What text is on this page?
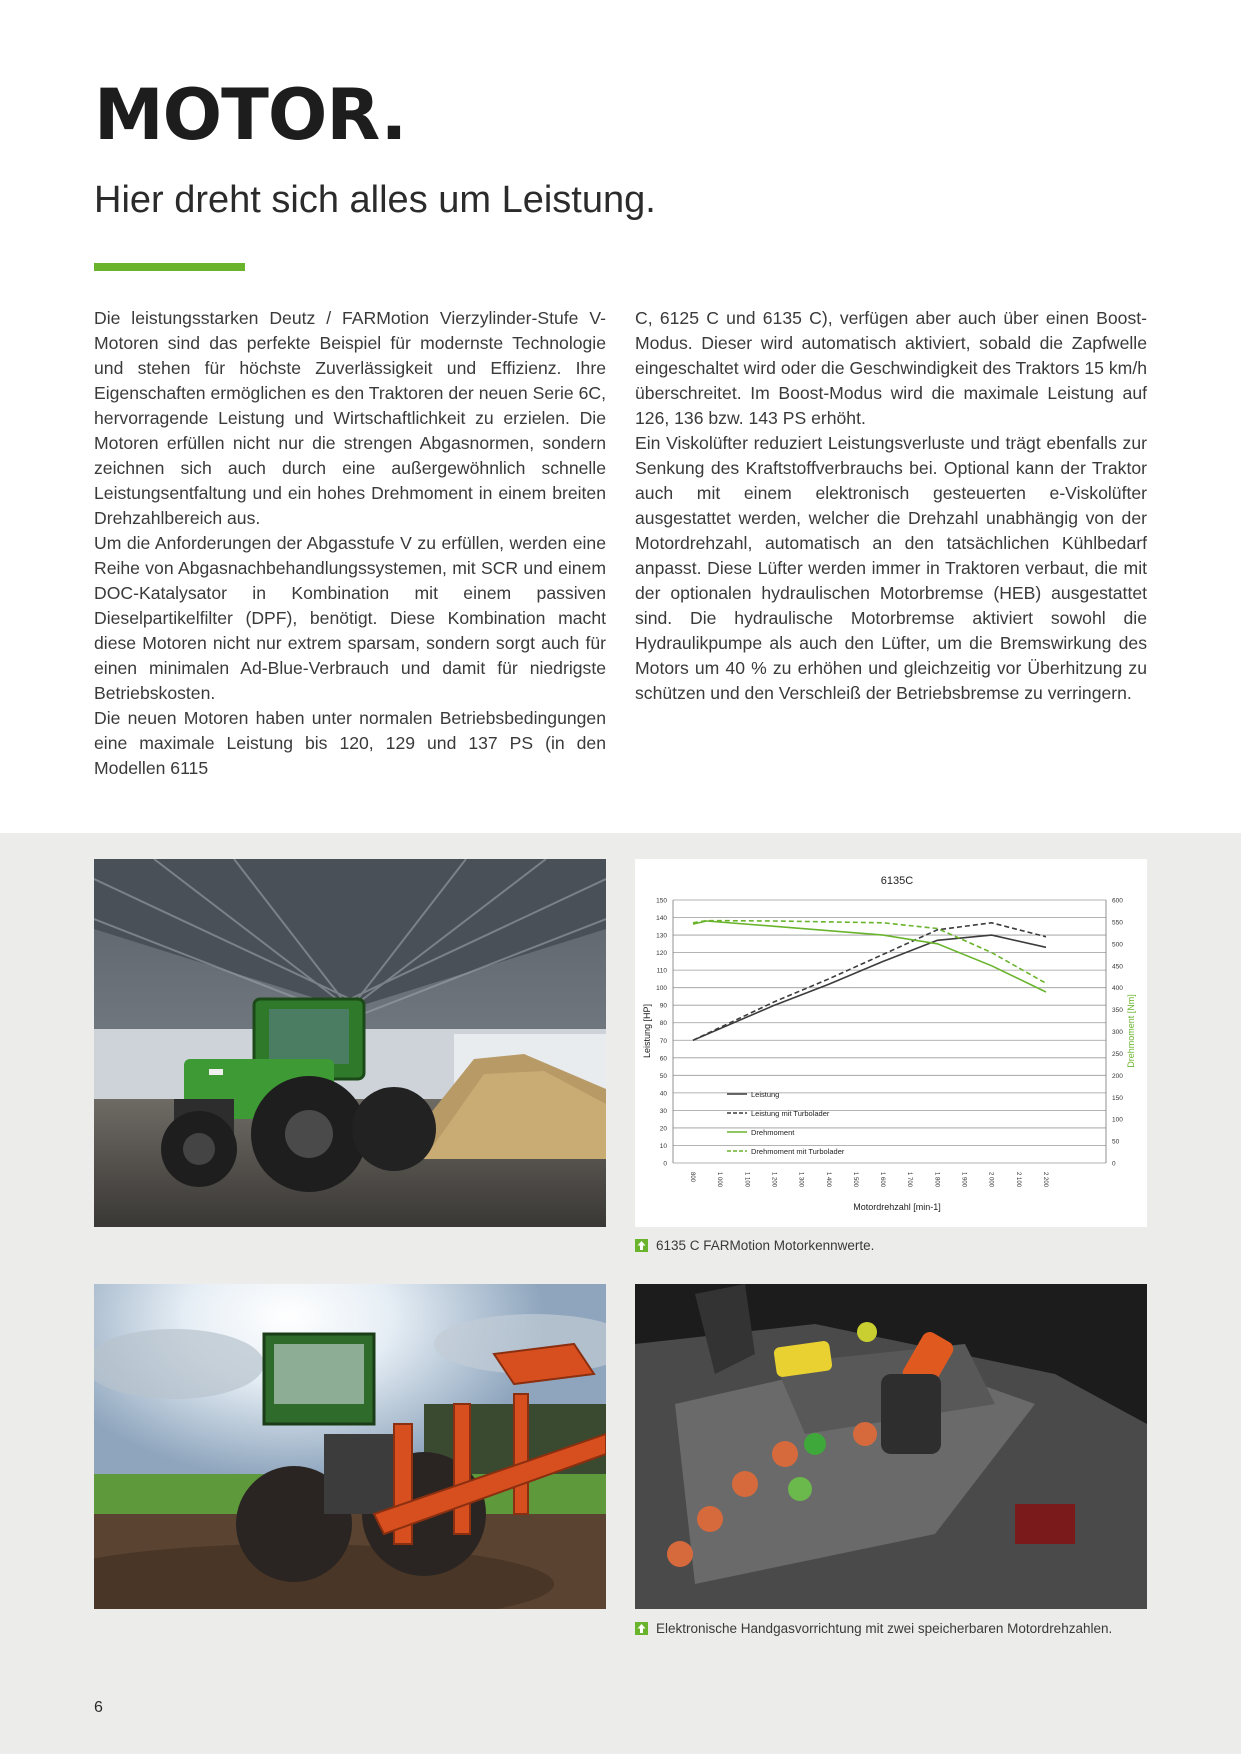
MOTOR.
Hier dreht sich alles um Leistung.

Die leistungsstarken Deutz / FARMotion Vierzylinder-Stufe V-Motoren sind das perfekte Beispiel für modernste Technologie und stehen für höchste Zuverlässigkeit und Effizienz. Ihre Eigenschaften ermöglichen es den Traktoren der neuen Serie 6C, hervorragende Leistung und Wirtschaftlichkeit zu erzielen. Die Motoren erfüllen nicht nur die strengen Abgasnormen, sondern zeichnen sich auch durch eine außergewöhnlich schnelle Leistungsentfaltung und ein hohes Drehmoment in einem breiten Drehzahlbereich aus.

Um die Anforderungen der Abgasstufe V zu erfüllen, werden eine Reihe von Abgasnachbehandlungssystemen, mit SCR und einem DOC-Katalysator in Kombination mit einem passiven Dieselpartikelfilter (DPF), benötigt. Diese Kombination macht diese Motoren nicht nur extrem sparsam, sondern sorgt auch für einen minimalen Ad-Blue-Verbrauch und damit für niedrigste Betriebskosten.

Die neuen Motoren haben unter normalen Betriebsbedingungen eine maximale Leistung bis 120, 129 und 137 PS (in den Modellen 6115

C, 6125 C und 6135 C), verfügen aber auch über einen Boost-Modus. Dieser wird automatisch aktiviert, sobald die Zapfwelle eingeschaltet wird oder die Geschwindigkeit des Traktors 15 km/h überschreitet. Im Boost-Modus wird die maximale Leistung auf 126, 136 bzw. 143 PS erhöht.

Ein Viskolüfter reduziert Leistungsverluste und trägt ebenfalls zur Senkung des Kraftstoffverbrauchs bei. Optional kann der Traktor auch mit einem elektronisch gesteuerten e-Viskolüfter ausgestattet werden, welcher die Drehzahl unabhängig von der Motordrehzahl, automatisch an den tatsächlichen Kühlbedarf anpasst. Diese Lüfter werden immer in Traktoren verbaut, die mit der optionalen hydraulischen Motorbremse (HEB) ausgestattet sind. Die hydraulische Motorbremse aktiviert sowohl die Hydraulikpumpe als auch den Lüfter, um die Bremswirkung des Motors um 40 % zu erhöhen und gleichzeitig vor Überhitzung zu schützen und den Verschleiß der Betriebsbremse zu verringern.

6135C
0
10
20
30
40
50
60
70
80
90
100
110
120
130
140
150
0
50
100
150
200
250
300
350
400
450
500
550
600
800	1 000	1 100	1 200	1 300	1 400	1 500	1 600	1 700	1 800	1 900	2 000	2 100	2 200
Motordrehzahl [min-1]
Leistung [HP]	Drehmoment [Nm]
Leistung
Leistung mit Turbolader
Drehmoment
Drehmoment mit Turbolader
6135 C FARMotion Motorkennwerte.
Elektronische Handgasvorrichtung mit zwei speicherbaren Motordrehzahlen.
6
